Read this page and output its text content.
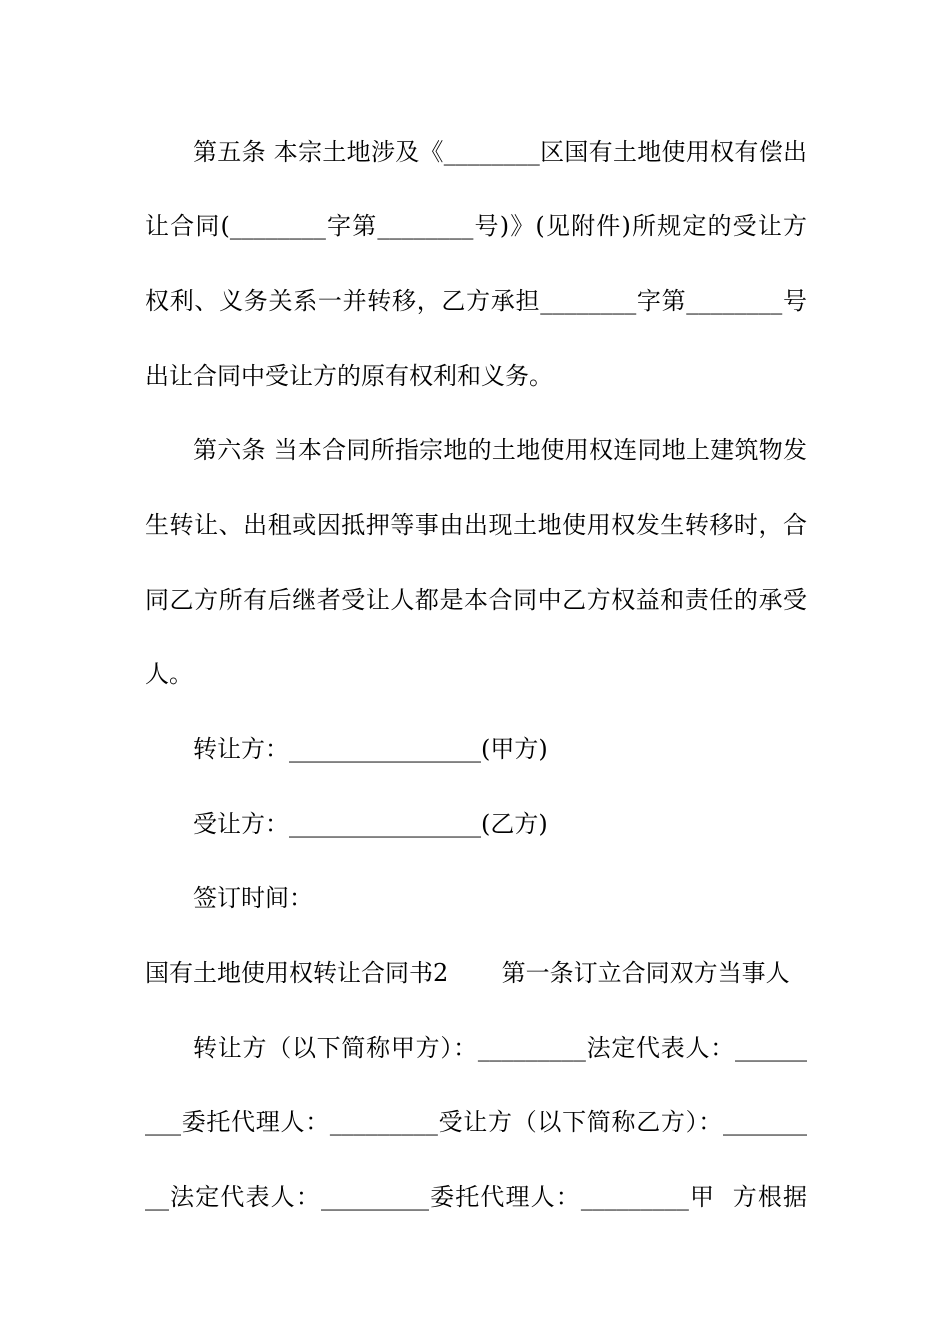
第五条 本宗土地涉及《________区国有土地使用权有偿出
让合同(________字第________号)》(见附件)所规定的受让方
权利、义务关系一并转移，乙方承担________字第________号
出让合同中受让方的原有权利和义务。
第六条 当本合同所指宗地的土地使用权连同地上建筑物发
生转让、出租或因抵押等事由出现土地使用权发生转移时，合
同乙方所有后继者受让人都是本合同中乙方权益和责任的承受
人。
转让方：________________(甲方)
受让方：________________(乙方)
签订时间：
国有土地使用权转让合同书2       第一条订立合同双方当事人
转让方（以下简称甲方）：_________法定代表人：______
___委托代理人：_________受让方（以下简称乙方）：_______
__法定代表人：_________委托代理人：_________甲  方根据
